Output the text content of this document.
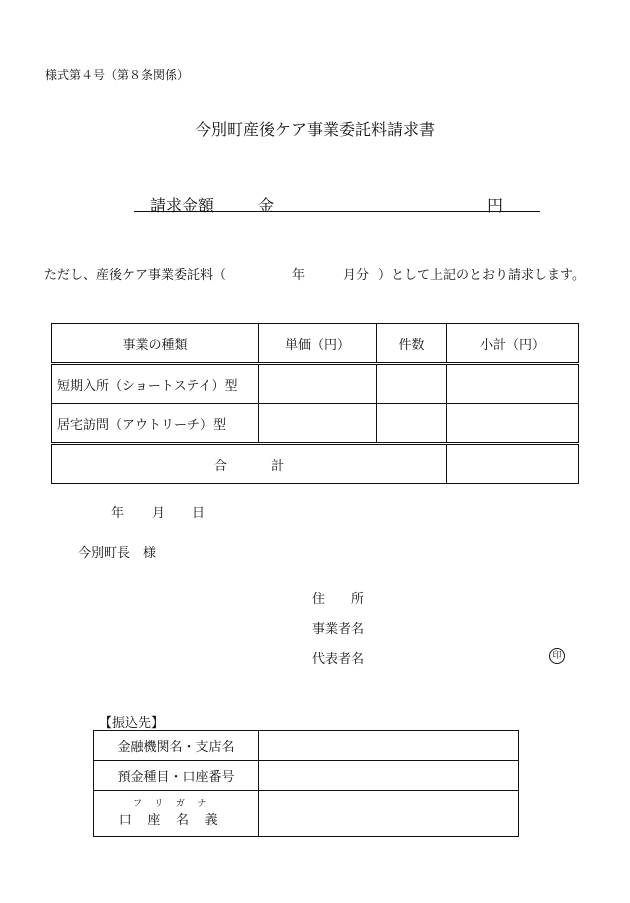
様式第４号（第８条関係）
今別町産後ケア事業委託料請求書
請求金額	金	円
ただし、産後ケア事業委託料（	年	月分 ）として上記のとおり請求します。
事業の種類	単価（円）	件数	小計（円）
短期入所（ショートステイ）型			
居宅訪問（アウトリーチ）型			
合計			
年 月 日
今別町長　様
住　　所
事業者名
代表者名	印
【振込先】
金融機関名・支店名	
預金種目・口座番号	

フリガナ
口座名義	
